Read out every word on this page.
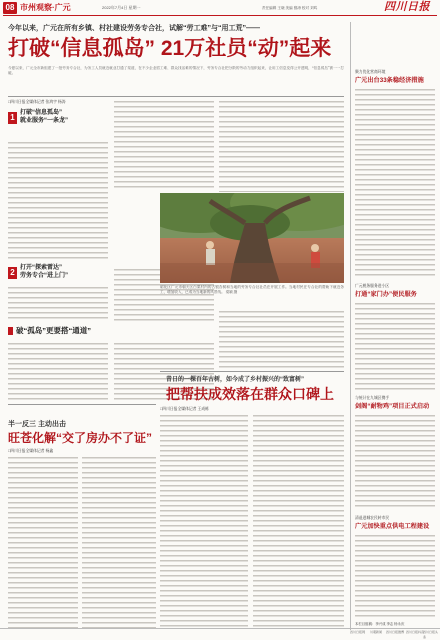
08 市州观察·广元	2022年7月4日 星期一	责任编辑 王晓 美编 鄢涛 校对 刘鸣	四川日报
今年以来，广元在所有乡镇、村社建设劳务专合社，试解“劳工难”与“用工荒”——
打破“信息孤岛” 21万社员“动”起来
今夏以来，广元全市新组建了一批劳务专合社，为务工人员就近就业打通了渠道，在不少企业招工难、群众找活难的情况下，劳务专合社把分散的劳动力组织起来，让用工信息变得公开透明，“信息孤岛”被一一打破。
□四川日报全媒体记者 张鸿宇 杨涛
1 打破“信息孤岛”
就业服务“一条龙”

2 打开“探索雷达”
劳务专合“进上门”
昭化区广元市朝天区白果村内的古银杏树和当地的劳务专合社社员在开展工作。当地村民在专合社的帮助下就近务工，增加收入，已成为当地新的风景线。 梁颖 摄
破“孤岛”更要搭“通道”
昔日的一棵百年古树，如今成了乡村振兴的“致富树”
把帮扶成效落在群众口碑上
□四川日报全媒体记者 王成栋
半一反三 主动出击
旺苍化解“交了房办不了证”
□四川日报全媒体记者 杨鑫
聚力优化营商环境
广元出台33条稳经济措施
广元税务服务进小区
打通“家门办”便民服务
与统计在九城区携手
剑阁“耐物鸡”项目正式启动
清退进城农民转市民
广元加快重点供电工程建设
本栏目组稿：李兴成 李志 杨永庆
四川日报网 川观新闻 四川日报微博 四川日报抖音
四川日报头条
